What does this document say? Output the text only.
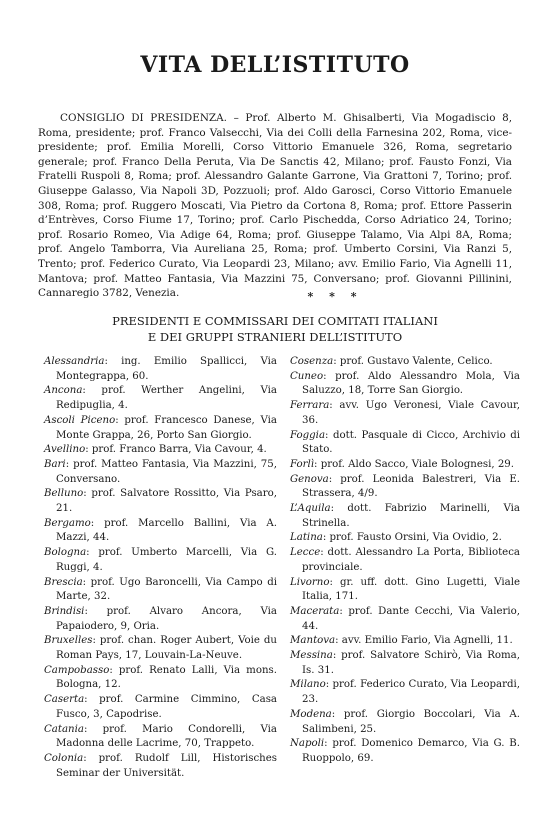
VITA DELL’ISTITUTO
CONSIGLIO DI PRESIDENZA. – Prof. Alberto M. Ghisalberti, Via Mogadiscio 8, Roma, presidente; prof. Franco Valsecchi, Via dei Colli della Farnesina 202, Roma, vice-presidente; prof. Emilia Morelli, Corso Vittorio Emanuele 326, Roma, segretario generale; prof. Franco Della Peruta, Via De Sanctis 42, Milano; prof. Fausto Fonzi, Via Fratelli Ruspoli 8, Roma; prof. Alessandro Galante Garrone, Via Grattoni 7, Torino; prof. Giuseppe Galasso, Via Napoli 3D, Pozzuoli; prof. Aldo Garosci, Corso Vittorio Emanuele 308, Roma; prof. Ruggero Moscati, Via Pietro da Cortona 8, Roma; prof. Ettore Passerin d’Entrèves, Corso Fiume 17, Torino; prof. Carlo Pischedda, Corso Adriatico 24, Torino; prof. Rosario Romeo, Via Adige 64, Roma; prof. Giuseppe Talamo, Via Alpi 8A, Roma; prof. Angelo Tamborra, Via Aureliana 25, Roma; prof. Umberto Corsini, Via Ranzi 5, Trento; prof. Federico Curato, Via Leopardi 23, Milano; avv. Emilio Fario, Via Agnelli 11, Mantova; prof. Matteo Fantasia, Via Mazzini 75, Conversano; prof. Giovanni Pillinini, Cannaregio 3782, Venezia.	* * *
PRESIDENTI E COMMISSARI DEI COMITATI ITALIANI
E DEI GRUPPI STRANIERI DELL’ISTITUTO
Alessandria: ing. Emilio Spallicci, Via Montegrappa, 60.
Ancona: prof. Werther Angelini, Via Redipuglia, 4.
Ascoli Piceno: prof. Francesco Danese, Via Monte Grappa, 26, Porto San Giorgio.
Avellino: prof. Franco Barra, Via Cavour, 4.
Bari: prof. Matteo Fantasia, Via Mazzini, 75, Conversano.
Belluno: prof. Salvatore Rossitto, Via Psaro, 21.
Bergamo: prof. Marcello Ballini, Via A. Mazzi, 44.
Bologna: prof. Umberto Marcelli, Via G. Ruggi, 4.
Brescia: prof. Ugo Baroncelli, Via Campo di Marte, 32.
Brindisi: prof. Alvaro Ancora, Via Papaiodero, 9, Oria.
Bruxelles: prof. chan. Roger Aubert, Voie du Roman Pays, 17, Louvain-La-Neuve.
Campobasso: prof. Renato Lalli, Via mons. Bologna, 12.
Caserta: prof. Carmine Cimmino, Casa Fusco, 3, Capodrise.
Catania: prof. Mario Condorelli, Via Madonna delle Lacrime, 70, Trappeto.
Colonia: prof. Rudolf Lill, Historisches Seminar der Universität.
Cosenza: prof. Gustavo Valente, Celico.
Cuneo: prof. Aldo Alessandro Mola, Via Saluzzo, 18, Torre San Giorgio.
Ferrara: avv. Ugo Veronesi, Viale Cavour, 36.
Foggia: dott. Pasquale di Cicco, Archivio di Stato.
Forlì: prof. Aldo Sacco, Viale Bolognesi, 29.
Genova: prof. Leonida Balestreri, Via E. Strassera, 4/9.
L’Aquila: dott. Fabrizio Marinelli, Via Strinella.
Latina: prof. Fausto Orsini, Via Ovidio, 2.
Lecce: dott. Alessandro La Porta, Biblioteca provinciale.
Livorno: gr. uff. dott. Gino Lugetti, Viale Italia, 171.
Macerata: prof. Dante Cecchi, Via Valerio, 44.
Mantova: avv. Emilio Fario, Via Agnelli, 11.
Messina: prof. Salvatore Schirò, Via Roma, Is. 31.
Milano: prof. Federico Curato, Via Leopardi, 23.
Modena: prof. Giorgio Boccolari, Via A. Salimbeni, 25.
Napoli: prof. Domenico Demarco, Via G. B. Ruoppolo, 69.
